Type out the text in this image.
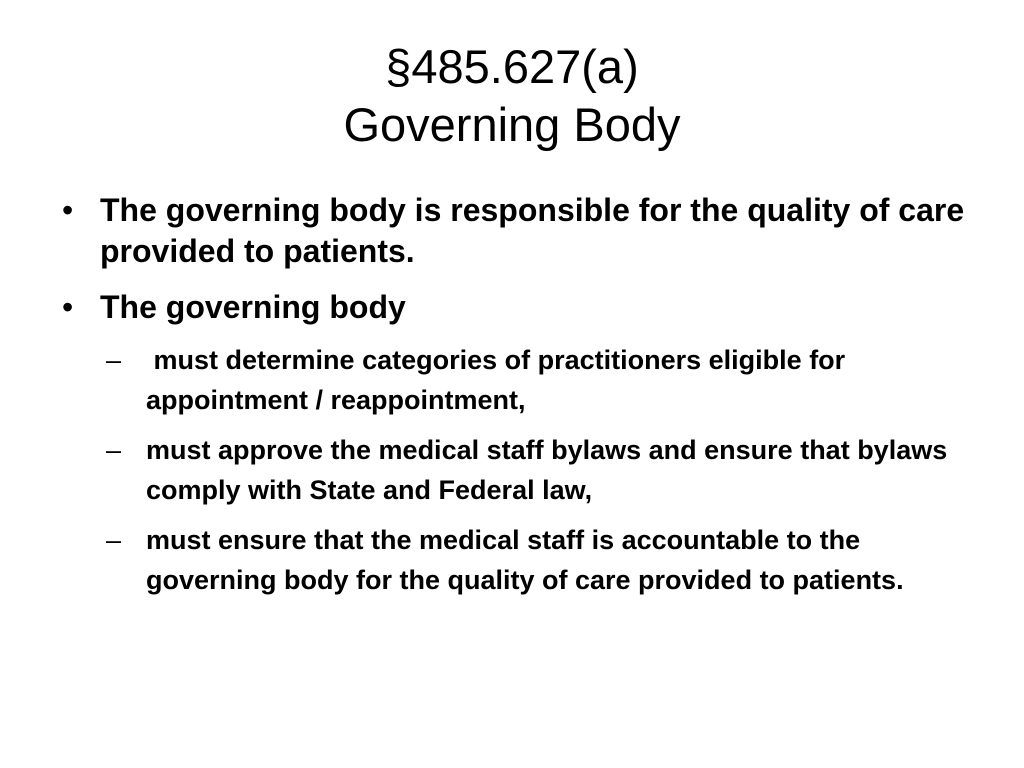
§485.627(a)
Governing Body
• The governing body is responsible for the quality of care provided to patients.
• The governing body
– must determine categories of practitioners eligible for appointment / reappointment,
– must approve the medical staff bylaws and ensure that bylaws comply with State and Federal law,
– must ensure that the medical staff is accountable to the governing body for the quality of care provided to patients.
